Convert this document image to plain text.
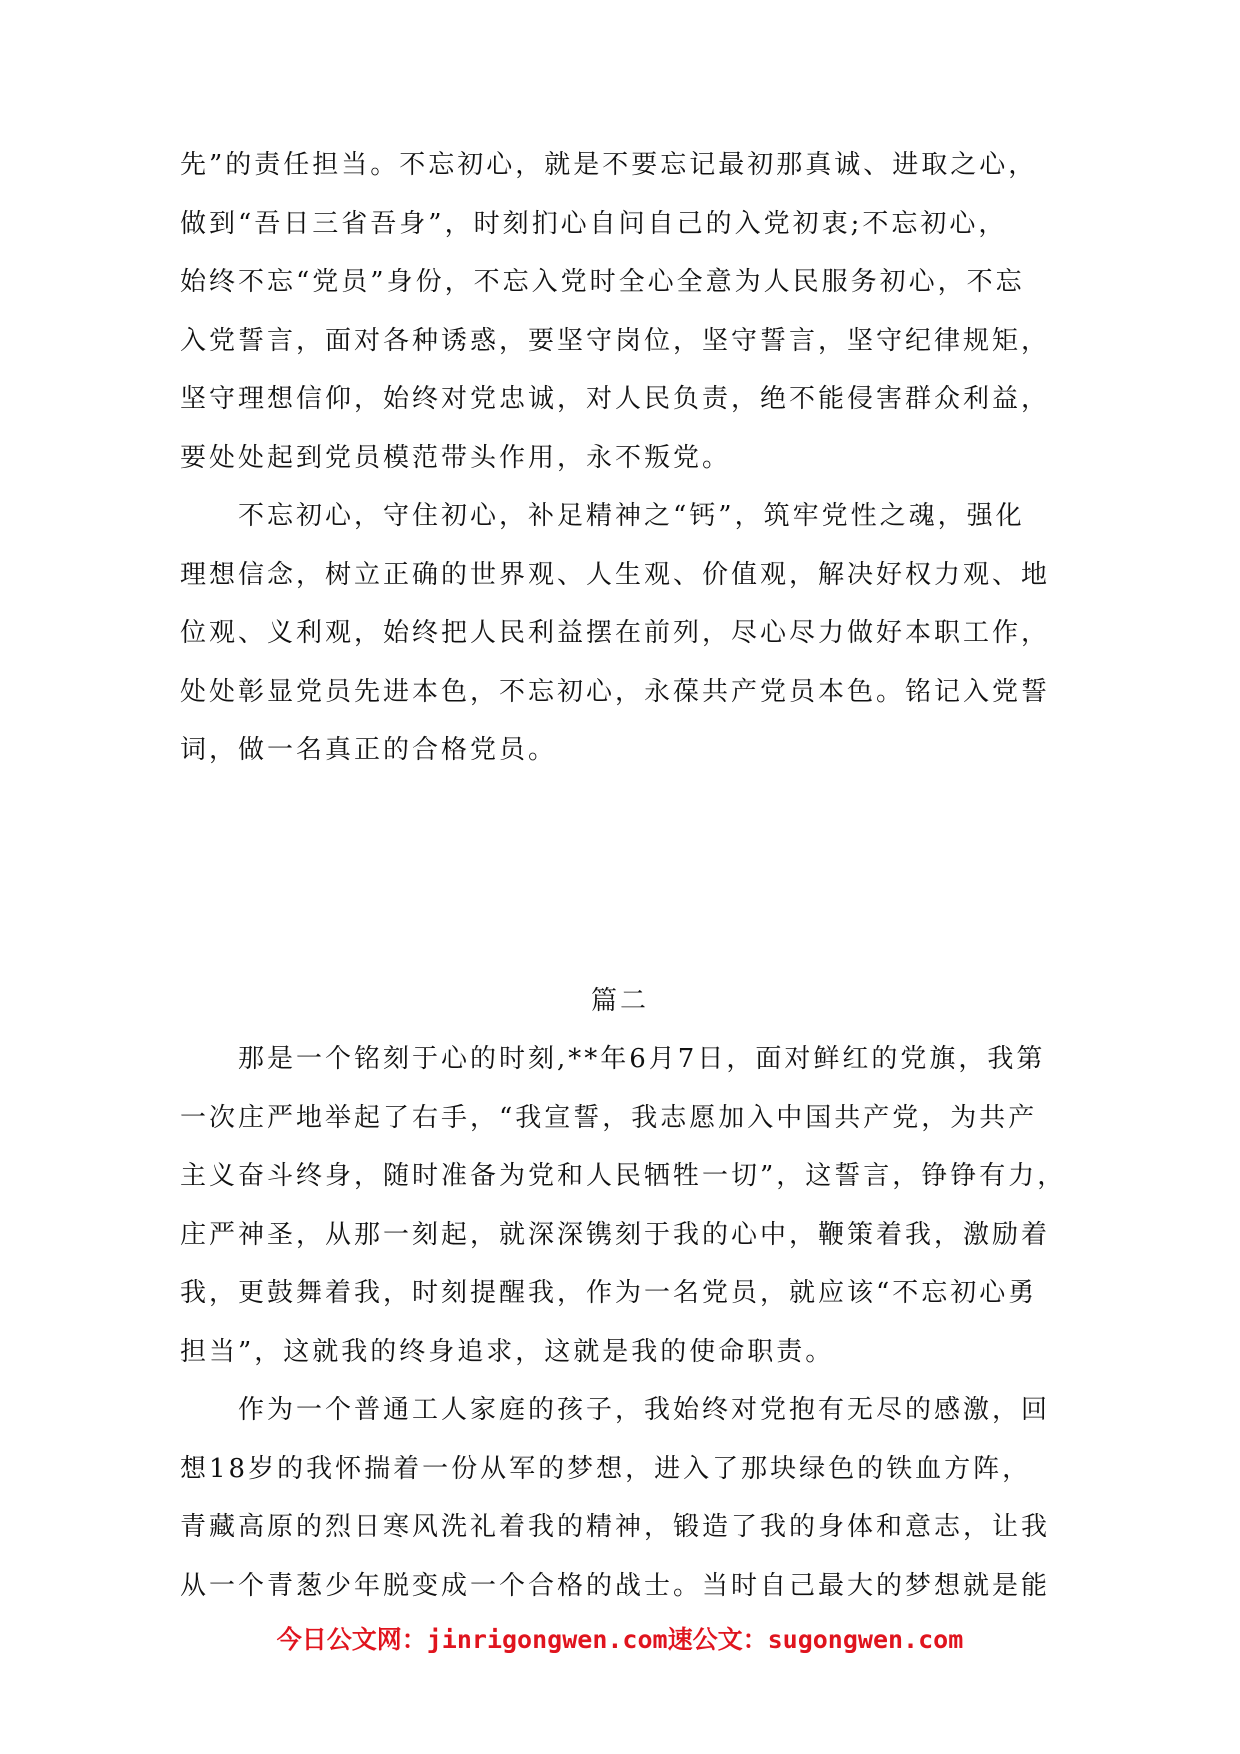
先”的责任担当。不忘初心，就是不要忘记最初那真诚、进取之心，
做到“吾日三省吾身”，时刻扪心自问自己的入党初衷;不忘初心，
始终不忘“党员”身份，不忘入党时全心全意为人民服务初心，不忘
入党誓言，面对各种诱惑，要坚守岗位，坚守誓言，坚守纪律规矩，
坚守理想信仰，始终对党忠诚，对人民负责，绝不能侵害群众利益，
要处处起到党员模范带头作用，永不叛党。
不忘初心，守住初心，补足精神之“钙”，筑牢党性之魂，强化
理想信念，树立正确的世界观、人生观、价值观，解决好权力观、地
位观、义利观，始终把人民利益摆在前列，尽心尽力做好本职工作，
处处彰显党员先进本色，不忘初心，永葆共产党员本色。铭记入党誓
词，做一名真正的合格党员。
篇二
那是一个铭刻于心的时刻,**年6月7日，面对鲜红的党旗，我第
一次庄严地举起了右手，“我宣誓，我志愿加入中国共产党，为共产
主义奋斗终身，随时准备为党和人民牺牲一切”，这誓言，铮铮有力，
庄严神圣，从那一刻起，就深深镌刻于我的心中，鞭策着我，激励着
我，更鼓舞着我，时刻提醒我，作为一名党员，就应该“不忘初心勇
担当”，这就我的终身追求，这就是我的使命职责。
作为一个普通工人家庭的孩子，我始终对党抱有无尽的感激，回
想18岁的我怀揣着一份从军的梦想，进入了那块绿色的铁血方阵，
青藏高原的烈日寒风洗礼着我的精神，锻造了我的身体和意志，让我
从一个青葱少年脱变成一个合格的战士。当时自己最大的梦想就是能
今日公文网：jinrigongwen.com速公文：sugongwen.com
